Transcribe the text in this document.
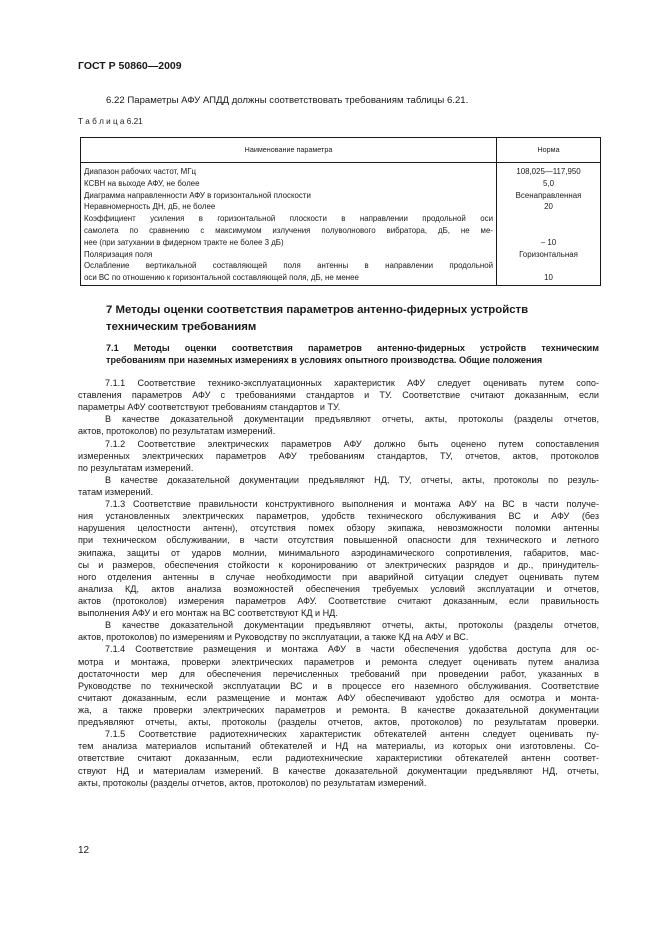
ГОСТ Р 50860—2009
6.22 Параметры АФУ АПДД должны соответствовать требованиям таблицы 6.21.
Т а б л и ц а 6.21
Наименование параметра	Норма
Диапазон рабочих частот, МГц
КСВН на выходе АФУ, не более
Диаграмма направленности АФУ в горизонтальной плоскости
Неравномерность ДН, дБ, не более
Коэффициент усиления в горизонтальной плоскости в направлении продольной оси
самолета по сравнению с максимумом излучения полуволнового вибратора, дБ, не ме-
нее (при затухании в фидерном тракте не более 3 дБ)
Поляризация поля
Ослабление вертикальной составляющей поля антенны в направлении продольной
оси ВС по отношению к горизонтальной составляющей поля, дБ, не менее
108,025—117,950
5,0
Всенаправленная
20
– 10
Горизонтальная
10
7 Методы оценки соответствия параметров антенно-фидерных устройств
техническим требованиям
7.1 Методы оценки соответствия параметров антенно-фидерных устройств техническим
требованиям при наземных измерениях в условиях опытного производства. Общие положения
7.1.1 Соответствие технико-эксплуатационных характеристик АФУ следует оценивать путем сопо-
ставления параметров АФУ с требованиями стандартов и ТУ. Соответствие считают доказанным, если
параметры АФУ соответствуют требованиям стандартов и ТУ.
В качестве доказательной документации предъявляют отчеты, акты, протоколы (разделы отчетов,
актов, протоколов) по результатам измерений.
7.1.2 Соответствие электрических параметров АФУ должно быть оценено путем сопоставления
измеренных электрических параметров АФУ требованиям стандартов, ТУ, отчетов, актов, протоколов
по результатам измерений.
В качестве доказательной документации предъявляют НД, ТУ, отчеты, акты, протоколы по резуль-
татам измерений.
7.1.3 Соответствие правильности конструктивного выполнения и монтажа АФУ на ВС в части получе-
ния установленных электрических параметров, удобств технического обслуживания ВС и АФУ (без
нарушения целостности антенн), отсутствия помех обзору экипажа, невозможности поломки антенны
при техническом обслуживании, в части отсутствия повышенной опасности для технического и летного
экипажа, защиты от ударов молнии, минимального аэродинамического сопротивления, габаритов, мас-
сы и размеров, обеспечения стойкости к коронированию от электрических разрядов и др., принудитель-
ного отделения антенны в случае необходимости при аварийной ситуации следует оценивать путем
анализа КД, актов анализа возможностей обеспечения требуемых условий эксплуатации и отчетов,
актов (протоколов) измерения параметров АФУ. Соответствие считают доказанным, если правильность
выполнения АФУ и его монтаж на ВС соответствуют КД и НД.
В качестве доказательной документации предъявляют отчеты, акты, протоколы (разделы отчетов,
актов, протоколов) по измерениям и Руководству по эксплуатации, а также КД на АФУ и ВС.
7.1.4 Соответствие размещения и монтажа АФУ в части обеспечения удобства доступа для ос-
мотра и монтажа, проверки электрических параметров и ремонта следует оценивать путем анализа
достаточности мер для обеспечения перечисленных требований при проведении работ, указанных в
Руководстве по технической эксплуатации ВС и в процессе его наземного обслуживания. Соответствие
считают доказанным, если размещение и монтаж АФУ обеспечивают удобство для осмотра и монта-
жа, а также проверки электрических параметров и ремонта. В качестве доказательной документации
предъявляют отчеты, акты, протоколы (разделы отчетов, актов, протоколов) по результатам проверки.
7.1.5 Соответствие радиотехнических характеристик обтекателей антенн следует оценивать пу-
тем анализа материалов испытаний обтекателей и НД на материалы, из которых они изготовлены. Со-
ответствие считают доказанным, если радиотехнические характеристики обтекателей антенн соответ-
ствуют НД и материалам измерений. В качестве доказательной документации предъявляют НД, отчеты,
акты, протоколы (разделы отчетов, актов, протоколов) по результатам измерений.
12
